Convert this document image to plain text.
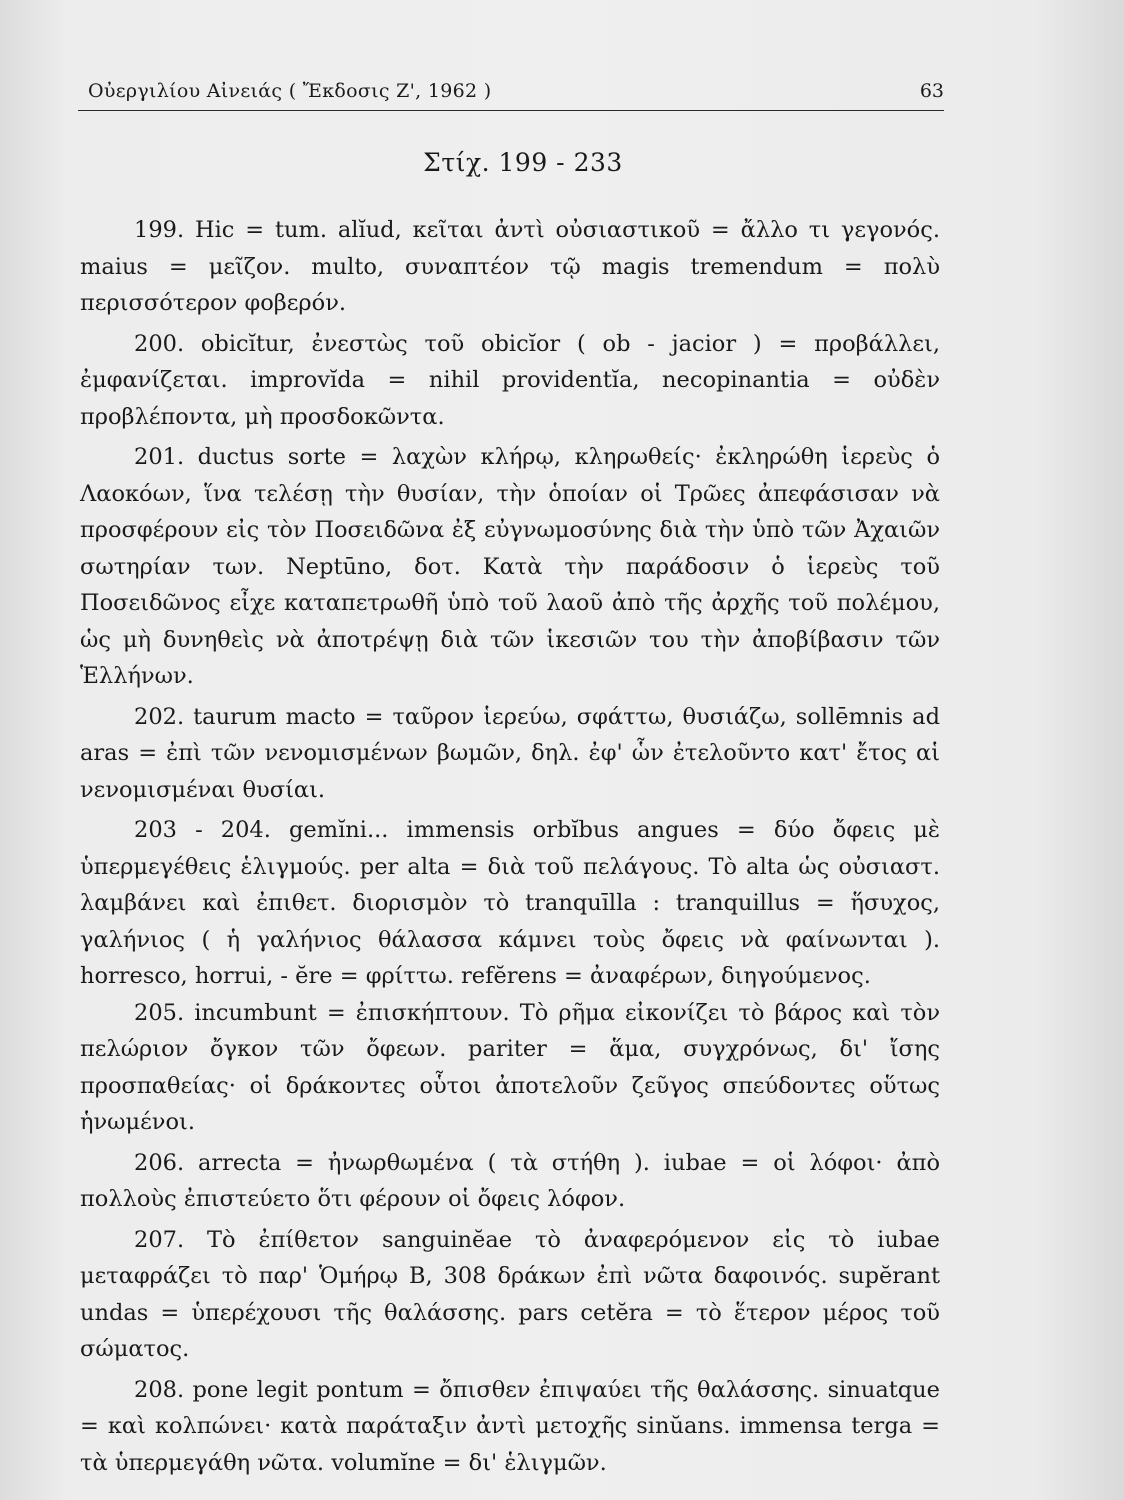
Οὐεργιλίου Αἰνειάς ( Ἔκδοσις Ζ', 1962 )	63
Στίχ. 199 - 233

199. Hic = tum. alĭud, κεῖται ἀντὶ οὐσιαστικοῦ = ἄλλο τι γεγονός. maius = μεῖζον. multo, συναπτέον τῷ magis tremendum = πολὺ περισσότερον φοβερόν.

200. obicĭtur, ἐνεστὼς τοῦ obicĭor ( ob - jacior ) = προβάλλει, ἐμφανίζεται. improvĭda = nihil providentĭa, necopinantia = οὐδὲν προβλέποντα, μὴ προσδοκῶντα.

201. ductus sorte = λαχὼν κλήρῳ, κληρωθείς· ἐκληρώθη ἱερεὺς ὁ Λαοκόων, ἵνα τελέσῃ τὴν θυσίαν, τὴν ὁποίαν οἱ Τρῶες ἀπεφάσισαν νὰ προσφέρουν εἰς τὸν Ποσειδῶνα ἐξ εὐγνωμοσύνης διὰ τὴν ὑπὸ τῶν Ἀχαιῶν σωτηρίαν των. Neptūno, δοτ. Κατὰ τὴν παράδοσιν ὁ ἱερεὺς τοῦ Ποσειδῶνος εἶχε καταπετρωθῆ ὑπὸ τοῦ λαοῦ ἀπὸ τῆς ἀρχῆς τοῦ πολέμου, ὡς μὴ δυνηθεὶς νὰ ἀποτρέψῃ διὰ τῶν ἱκεσιῶν του τὴν ἀποβίβασιν τῶν Ἑλλήνων.

202. taurum macto = ταῦρον ἱερεύω, σφάττω, θυσιάζω, sollēmnis ad aras = ἐπὶ τῶν νενομισμένων βωμῶν, δηλ. ἐφ' ὧν ἐτελοῦντο κατ' ἔτος αἱ νενομισμέναι θυσίαι.

203 - 204. gemĭni... immensis orbĭbus angues = δύο ὄφεις μὲ ὑπερμεγέθεις ἑλιγμούς. per alta = διὰ τοῦ πελάγους. Τὸ alta ὡς οὐσιαστ. λαμβάνει καὶ ἐπιθετ. διορισμὸν τὸ tranquīlla : tranquillus = ἥσυχος, γαλήνιος ( ἡ γαλήνιος θάλασσα κάμνει τοὺς ὄφεις νὰ φαίνωνται ). horresco, horrui, - ĕre = φρίττω. refĕrens = ἀναφέρων, διηγούμενος.

205. incumbunt = ἐπισκήπτουν. Τὸ ρῆμα εἰκονίζει τὸ βάρος καὶ τὸν πελώριον ὄγκον τῶν ὄφεων. pariter = ἅμα, συγχρόνως, δι' ἴσης προσπαθείας· οἱ δράκοντες οὗτοι ἀποτελοῦν ζεῦγος σπεύδοντες οὕτως ἡνωμένοι.

206. arrecta = ἠνωρθωμένα ( τὰ στήθη ). iubae = οἱ λόφοι· ἀπὸ πολλοὺς ἐπιστεύετο ὅτι φέρουν οἱ ὄφεις λόφον.

207. Τὸ ἐπίθετον sanguinĕae τὸ ἀναφερόμενον εἰς τὸ iubae μεταφράζει τὸ παρ' Ὁμήρῳ Β, 308 δράκων ἐπὶ νῶτα δαφοινός. supĕrant undas = ὑπερέχουσι τῆς θαλάσσης. pars cetĕra = τὸ ἕτερον μέρος τοῦ σώματος.

208. pone legit pontum = ὄπισθεν ἐπιψαύει τῆς θαλάσσης. sinuatque = καὶ κολπώνει· κατὰ παράταξιν ἀντὶ μετοχῆς sinŭans. immensa terga = τὰ ὑπερμεγάθη νῶτα. volumĭne = δι' ἑλιγμῶν.
